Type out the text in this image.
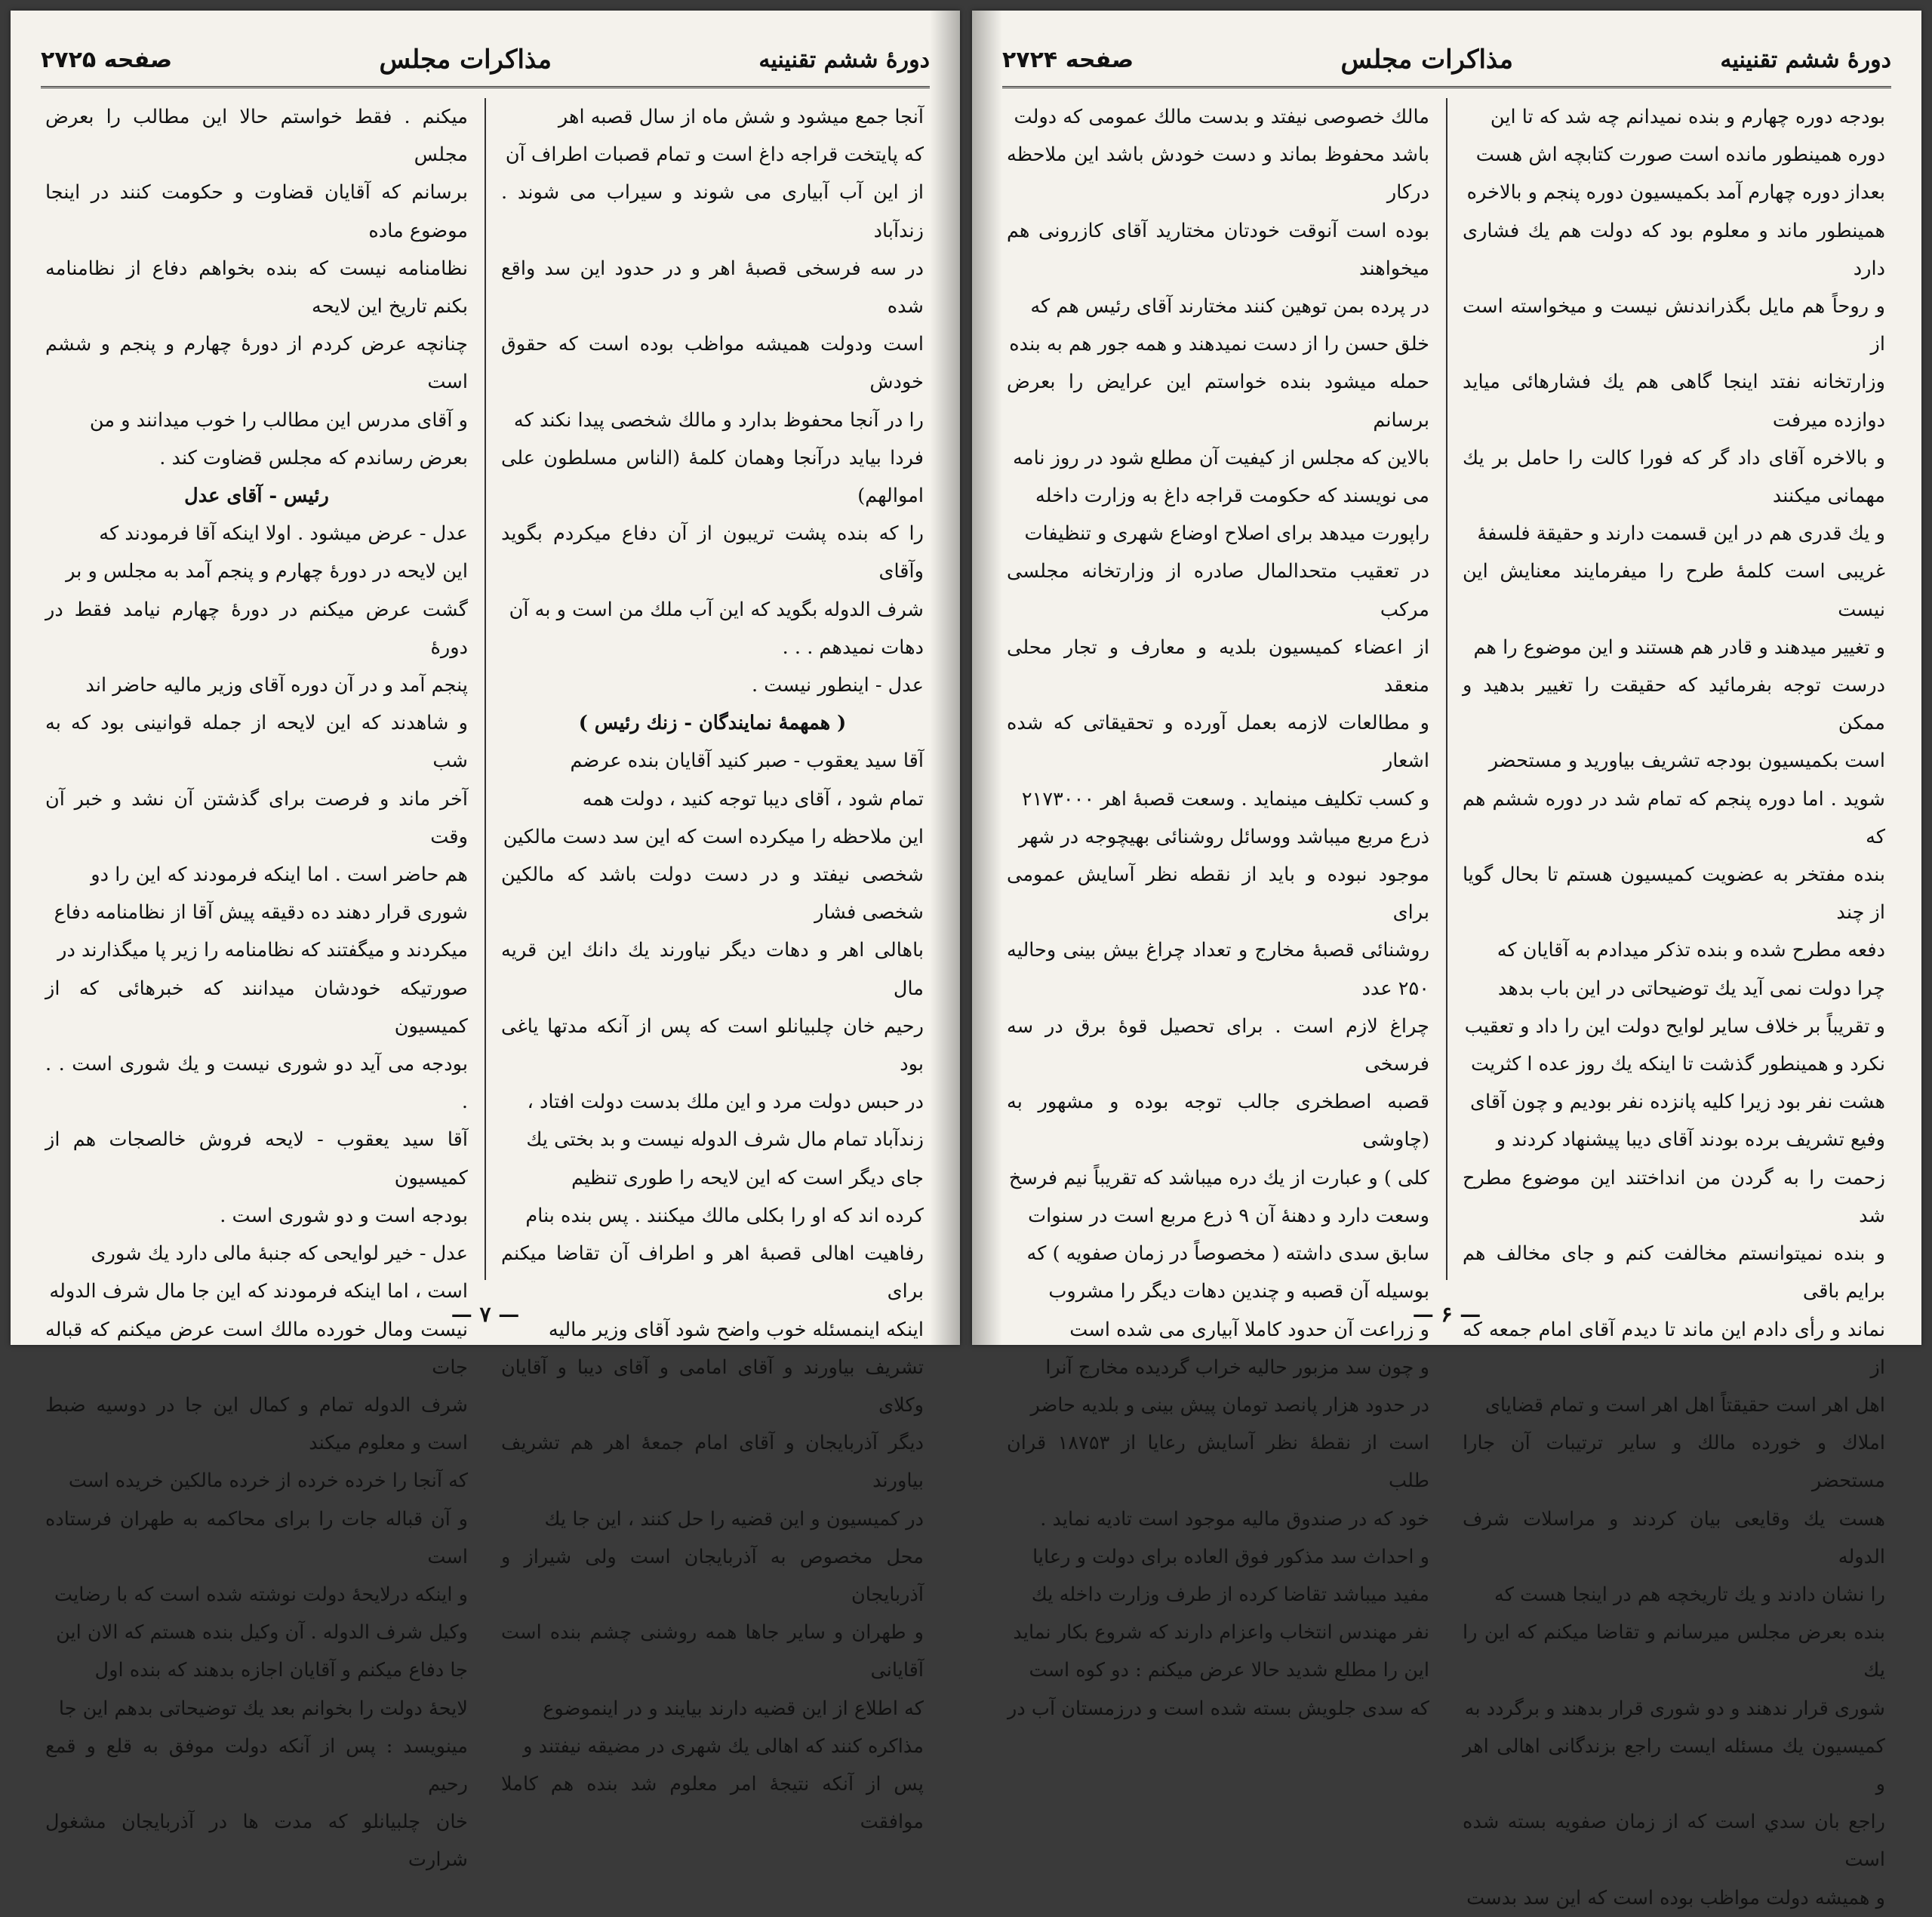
دورهٔ ششم تقنینیه
مذاکرات مجلس
صفحه ۲۷۲۵

آنجا جمع میشود و شش ماه از سال قصبه اهر

که پایتخت قراجه داغ است و تمام قصبات اطراف آن

از این آب آبیاری می شوند و سیراب می شوند . زندآباد

در سه فرسخی قصبهٔ اهر و در حدود این سد واقع شده

است ودولت همیشه مواظب بوده است که حقوق خودش

را در آنجا محفوظ بدارد و مالك شخصی پیدا نکند که

فردا بیاید درآنجا وهمان کلمهٔ (الناس مسلطون علی اموالهم)

را که بنده پشت تریبون از آن دفاع میکردم بگوید وآقای

شرف الدوله بگوید که این آب ملك من است و به آن

دهات نمیدهم . . .

عدل - اینطور نیست .

( همهمهٔ نمایندگان - زنك رئیس )

آقا سید یعقوب - صبر کنید آقایان بنده عرضم

تمام شود ، آقای دیبا توجه کنید ، دولت همه

این ملاحظه را میکرده است که این سد دست مالکین

شخصی نیفتد و در دست دولت باشد که مالکین شخصی فشار

باهالی اهر و دهات دیگر نیاورند یك دانك این قریه مال

رحیم خان چلبیانلو است که پس از آنکه مدتها یاغی بود

در حبس دولت مرد و این ملك بدست دولت افتاد ،

زندآباد تمام مال شرف الدوله نیست و بد بختی یك

جای دیگر است که این لایحه را طوری تنظیم

کرده اند که او را بکلی مالك میکنند . پس بنده بنام

رفاهیت اهالی قصبهٔ اهر و اطراف آن تقاضا میکنم برای

اینکه اینمسئله خوب واضح شود آقای وزیر مالیه

تشریف بیاورند و آقای امامی و آقای دیبا و آقایان وکلای

دیگر آذربایجان و آقای امام جمعهٔ اهر هم تشریف بیاورند

در کمیسیون و این قضیه را حل کنند ، این جا یك

محل مخصوص به آذربایجان است ولی شیراز و آذربایجان

و طهران و سایر جاها همه روشنی چشم بنده است آقایانی

که اطلاع از این قضیه دارند بیایند و در اینموضوع

مذاکره کنند که اهالی یك شهری در مضیقه نیفتند و

پس از آنکه نتیجهٔ امر معلوم شد بنده هم کاملا موافقت

میکنم . فقط خواستم حالا این مطالب را بعرض مجلس

برسانم که آقایان قضاوت و حکومت کنند در اینجا موضوع ماده

نظامنامه نیست که بنده بخواهم دفاع از نظامنامه بکنم تاریخ این لایحه

چنانچه عرض کردم از دورهٔ چهارم و پنجم و ششم است

و آقای مدرس این مطالب را خوب میدانند و من

بعرض رساندم که مجلس قضاوت کند .

رئیس - آقای عدل

عدل - عرض میشود . اولا اینکه آقا فرمودند که

این لایحه در دورهٔ چهارم و پنجم آمد به مجلس و بر

گشت عرض میکنم در دورهٔ چهارم نیامد فقط در دورهٔ

پنجم آمد و در آن دوره آقای وزیر مالیه حاضر اند

و شاهدند که این لایحه از جمله قوانینی بود که به شب

آخر ماند و فرصت برای گذشتن آن نشد و خبر آن وقت

هم حاضر است . اما اینکه فرمودند که این را دو

شوری قرار دهند ده دقیقه پیش آقا از نظامنامه دفاع

میکردند و میگفتند که نظامنامه را زیر پا میگذارند در

صورتیکه خودشان میدانند که خبرهائی که از کمیسیون

بودجه می آید دو شوری نیست و یك شوری است . . .

آقا سید یعقوب - لایحه فروش خالصجات هم از کمیسیون

بودجه است و دو شوری است .

عدل - خیر لوایحی که جنبهٔ مالی دارد یك شوری

است ، اما اینکه فرمودند که این جا مال شرف الدوله

نیست ومال خورده مالك است عرض میکنم که قباله جات

شرف الدوله تمام و کمال این جا در دوسیه ضبط است و معلوم میکند

که آنجا را خرده خرده از خرده مالکین خریده است

و آن قباله جات را برای محاکمه به طهران فرستاده است

و اینکه درلایحهٔ دولت نوشته شده است که با رضایت

وکیل شرف الدوله . آن وکیل بنده هستم که الان این

جا دفاع میکنم و آقایان اجازه بدهند که بنده اول

لایحهٔ دولت را بخوانم بعد یك توضیحاتی بدهم این جا

مینویسد : پس از آنکه دولت موفق به قلع و قمع رحیم

خان چلبیانلو که مدت ها در آذربایجان مشغول شرارت

— ۷ —
دورهٔ ششم تقنینیه
مذاکرات مجلس
صفحه ۲۷۲۴

بودجه دوره چهارم و بنده نمیدانم چه شد که تا این

دوره همینطور مانده است صورت کتابچه اش هست

بعداز دوره چهارم آمد بکمیسیون دوره پنجم و بالاخره

همینطور ماند و معلوم بود که دولت هم یك فشاری دارد

و روحاً هم مایل بگذراندنش نیست و میخواسته است از

وزارتخانه نفتد اینجا گاهی هم یك فشارهائی میاید دوازده میرفت

و بالاخره آقای داد گر که فورا کالت را حامل بر یك مهمانی میکنند

و یك قدری هم در این قسمت دارند و حقیقة فلسفهٔ

غریبی است کلمهٔ طرح را میفرمایند معنایش این نیست

و تغییر میدهند و قادر هم هستند و این موضوع را هم

درست توجه بفرمائید که حقیقت را تغییر بدهید و ممکن

است بکمیسیون بودجه تشریف بیاورید و مستحضر

شوید . اما دوره پنجم که تمام شد در دوره ششم هم که

بنده مفتخر به عضویت کمیسیون هستم تا بحال گویا از چند

دفعه مطرح شده و بنده تذکر میدادم به آقایان که

چرا دولت نمی آید یك توضیحاتی در این باب بدهد

و تقریباً بر خلاف سایر لوایح دولت این را داد و تعقیب

نکرد و همینطور گذشت تا اینکه یك روز عده ا کثریت

هشت نفر بود زیرا کلیه پانزده نفر بودیم و چون آقای

وفیع تشریف برده بودند آقای دیبا پیشنهاد کردند و

زحمت را به گردن من انداختند این موضوع مطرح شد

و بنده نمیتوانستم مخالفت کنم و جای مخالف هم برایم باقی

نماند و رأی دادم این ماند تا دیدم آقای امام جمعه که از

اهل اهر است حقیقتاً اهل اهر است و تمام قضایای

املاك و خورده مالك و سایر ترتیبات آن جارا مستحضر

هست یك وقایعی بیان کردند و مراسلات شرف الدوله

را نشان دادند و یك تاریخچه هم در اینجا هست که

بنده بعرض مجلس میرسانم و تقاضا میکنم که این را یك

شوری قرار ندهند و دو شوری قرار بدهند و برگردد به

کمیسیون یك مسئله ایست راجع بزندگانی اهالی اهر و

راجع بان سدي است که از زمان صفویه بسته شده است

و همیشه دولت مواظب بوده است که این سد بدست

مالك خصوصی نیفتد و بدست مالك عمومی که دولت

باشد محفوظ بماند و دست خودش باشد این ملاحظه درکار

بوده است آنوقت خودتان مختارید آقای کازرونی هم میخواهند

در پرده بمن توهین کنند مختارند آقای رئیس هم که

خلق حسن را از دست نمیدهند و همه جور هم به بنده

حمله میشود بنده خواستم این عرایض را بعرض برسانم

بالاین که مجلس از کیفیت آن مطلع شود در روز نامه

می نویسند که حکومت قراجه داغ به وزارت داخله

راپورت میدهد برای اصلاح اوضاع شهری و تنظیفات

در تعقیب متحدالمال صادره از وزارتخانه مجلسی مرکب

از اعضاء کمیسیون بلدیه و معارف و تجار محلی منعقد

و مطالعات لازمه بعمل آورده و تحقیقاتی که شده اشعار

و کسب تکلیف مینماید . وسعت قصبهٔ اهر ۲۱۷۳۰۰۰

ذرع مربع میباشد ووسائل روشنائی بهیچوجه در شهر

موجود نبوده و باید از نقطه نظر آسایش عمومی برای

روشنائی قصبهٔ مخارج و تعداد چراغ بیش بینی وحالیه ۲۵۰ عدد

چراغ لازم است . برای تحصیل قوهٔ برق در سه فرسخی

قصبه اصطخری جالب توجه بوده و مشهور به (چاوشی

کلی ) و عبارت از یك دره میباشد که تقریباً نیم فرسخ

وسعت دارد و دهنهٔ آن ۹ ذرع مربع است در سنوات

سابق سدی داشته ( مخصوصاً در زمان صفویه ) که

بوسیله آن قصبه و چندین دهات دیگر را مشروب

و زراعت آن حدود کاملا آبیاری می شده است

و چون سد مزبور حالیه خراب گردیده مخارج آنرا

در حدود هزار پانصد تومان پیش بینی و بلدیه حاضر

است از نقطهٔ نظر آسایش رعایا از ۱۸۷۵۳ قران طلب

خود که در صندوق مالیه موجود است تادیه نماید .

و احداث سد مذکور فوق العاده برای دولت و رعایا

مفید میباشد تقاضا کرده از طرف وزارت داخله یك

نفر مهندس انتخاب واعزام دارند که شروع بکار نماید

این را مطلع شدید حالا عرض میکنم : دو کوه است

که سدی جلویش بسته شده است و درزمستان آب در

— ۶ —
